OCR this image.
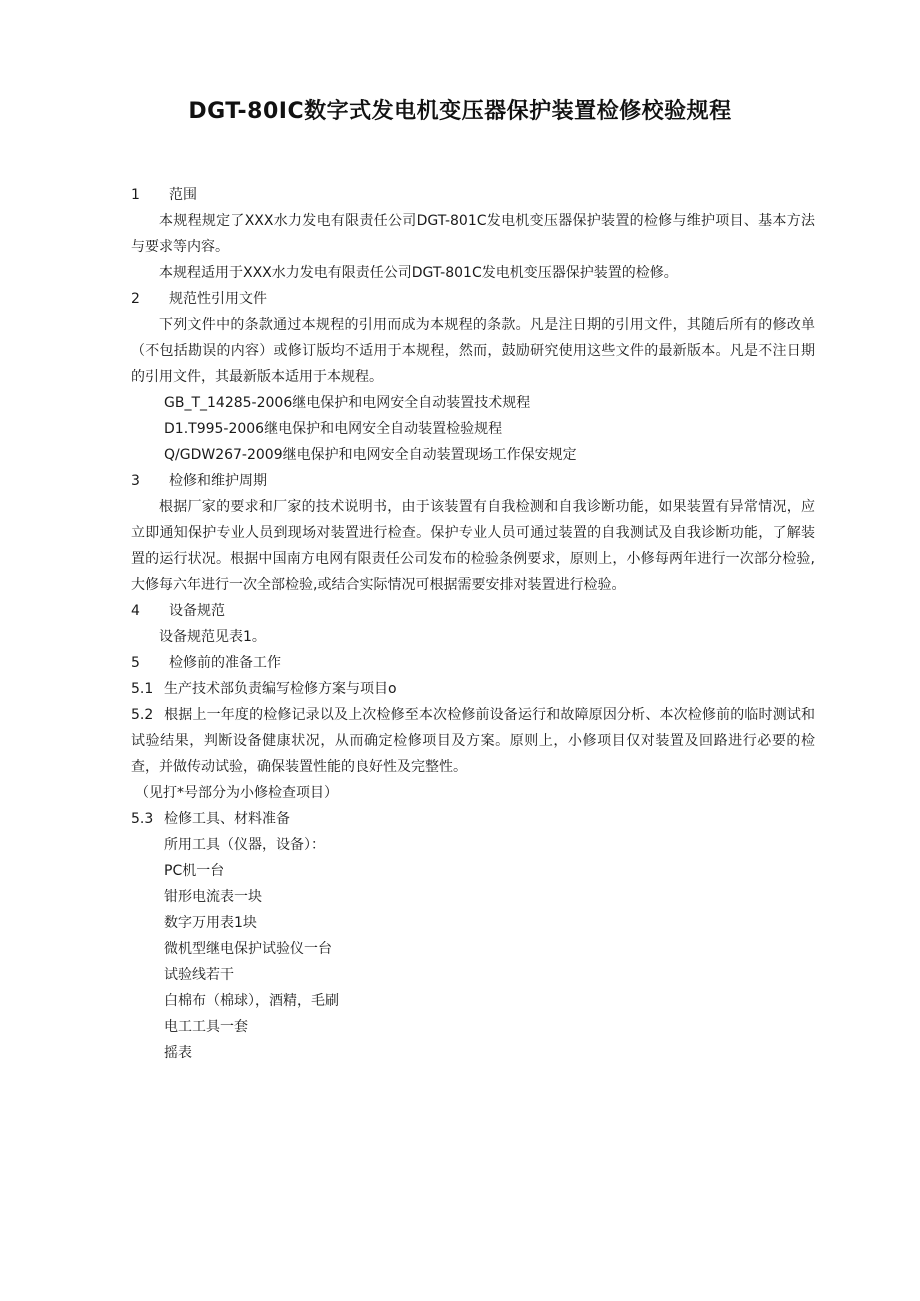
DGT-80IC数字式发电机变压器保护装置检修校验规程
1 范围

本规程规定了XXX水力发电有限责任公司DGT-801C发电机变压器保护装置的检修与维护项目、基本方法与要求等内容。

本规程适用于XXX水力发电有限责任公司DGT-801C发电机变压器保护装置的检修。

2 规范性引用文件

下列文件中的条款通过本规程的引用而成为本规程的条款。凡是注日期的引用文件，其随后所有的修改单（不包括勘误的内容）或修订版均不适用于本规程，然而，鼓励研究使用这些文件的最新版本。凡是不注日期的引用文件，其最新版本适用于本规程。

GB_T_14285-2006继电保护和电网安全自动装置技术规程
D1.T995-2006继电保护和电网安全自动装置检验规程
Q/GDW267-2009继电保护和电网安全自动装置现场工作保安规定
3 检修和维护周期

根据厂家的要求和厂家的技术说明书，由于该装置有自我检测和自我诊断功能，如果装置有异常情况，应立即通知保护专业人员到现场对装置进行检查。保护专业人员可通过装置的自我测试及自我诊断功能，了解装置的运行状况。根据中国南方电网有限责任公司发布的检验条例要求，原则上，小修每两年进行一次部分检验,大修每六年进行一次全部检验,或结合实际情况可根据需要安排对装置进行检验。

4 设备规范

设备规范见表1。

5 检修前的准备工作
5.1 生产技术部负责编写检修方案与项目o

5.2 根据上一年度的检修记录以及上次检修至本次检修前设备运行和故障原因分析、本次检修前的临时测试和试验结果，判断设备健康状况，从而确定检修项目及方案。原则上，小修项目仅对装置及回路进行必要的检查，并做传动试验，确保装置性能的良好性及完整性。

（见打*号部分为小修检查项目）
5.3 检修工具、材料准备
所用工具（仪器，设备）：
PC机一台
钳形电流表一块
数字万用表1块
微机型继电保护试验仪一台
试验线若干
白棉布（棉球），酒精，毛刷
电工工具一套
摇表
